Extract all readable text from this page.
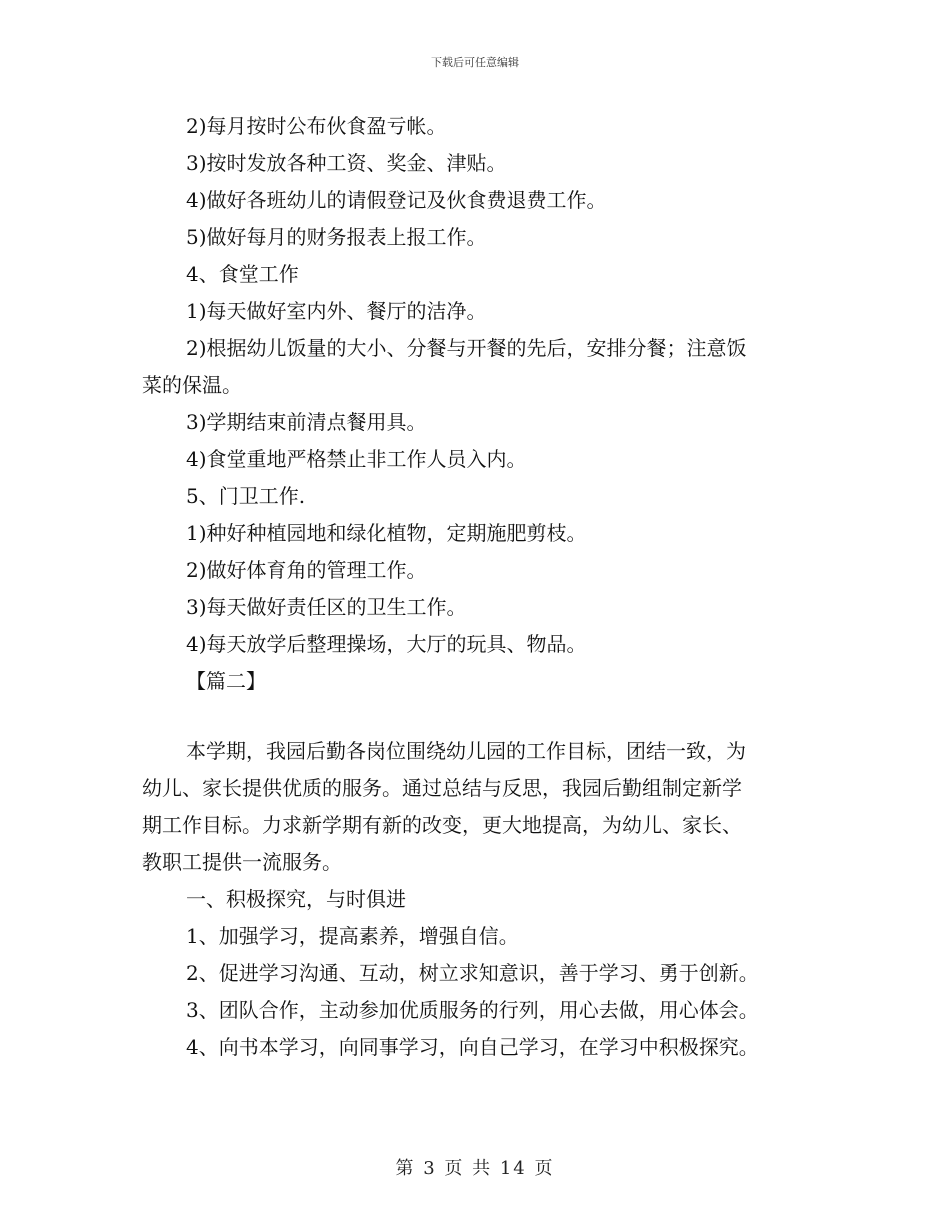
下载后可任意编辑
2)每月按时公布伙食盈亏帐。
3)按时发放各种工资、奖金、津贴。
4)做好各班幼儿的请假登记及伙食费退费工作。
5)做好每月的财务报表上报工作。
4、食堂工作
1)每天做好室内外、餐厅的洁净。
2)根据幼儿饭量的大小、分餐与开餐的先后，安排分餐；注意饭
菜的保温。
3)学期结束前清点餐用具。
4)食堂重地严格禁止非工作人员入内。
5、门卫工作.
1)种好种植园地和绿化植物，定期施肥剪枝。
2)做好体育角的管理工作。
3)每天做好责任区的卫生工作。
4)每天放学后整理操场，大厅的玩具、物品。
【篇二】
本学期，我园后勤各岗位围绕幼儿园的工作目标，团结一致，为
幼儿、家长提供优质的服务。通过总结与反思，我园后勤组制定新学
期工作目标。力求新学期有新的改变，更大地提高，为幼儿、家长、
教职工提供一流服务。
一、积极探究，与时俱进
1、加强学习，提高素养，增强自信。
2、促进学习沟通、互动，树立求知意识，善于学习、勇于创新。
3、团队合作，主动参加优质服务的行列，用心去做，用心体会。
4、向书本学习，向同事学习，向自己学习，在学习中积极探究。
第 3 页 共 14 页
